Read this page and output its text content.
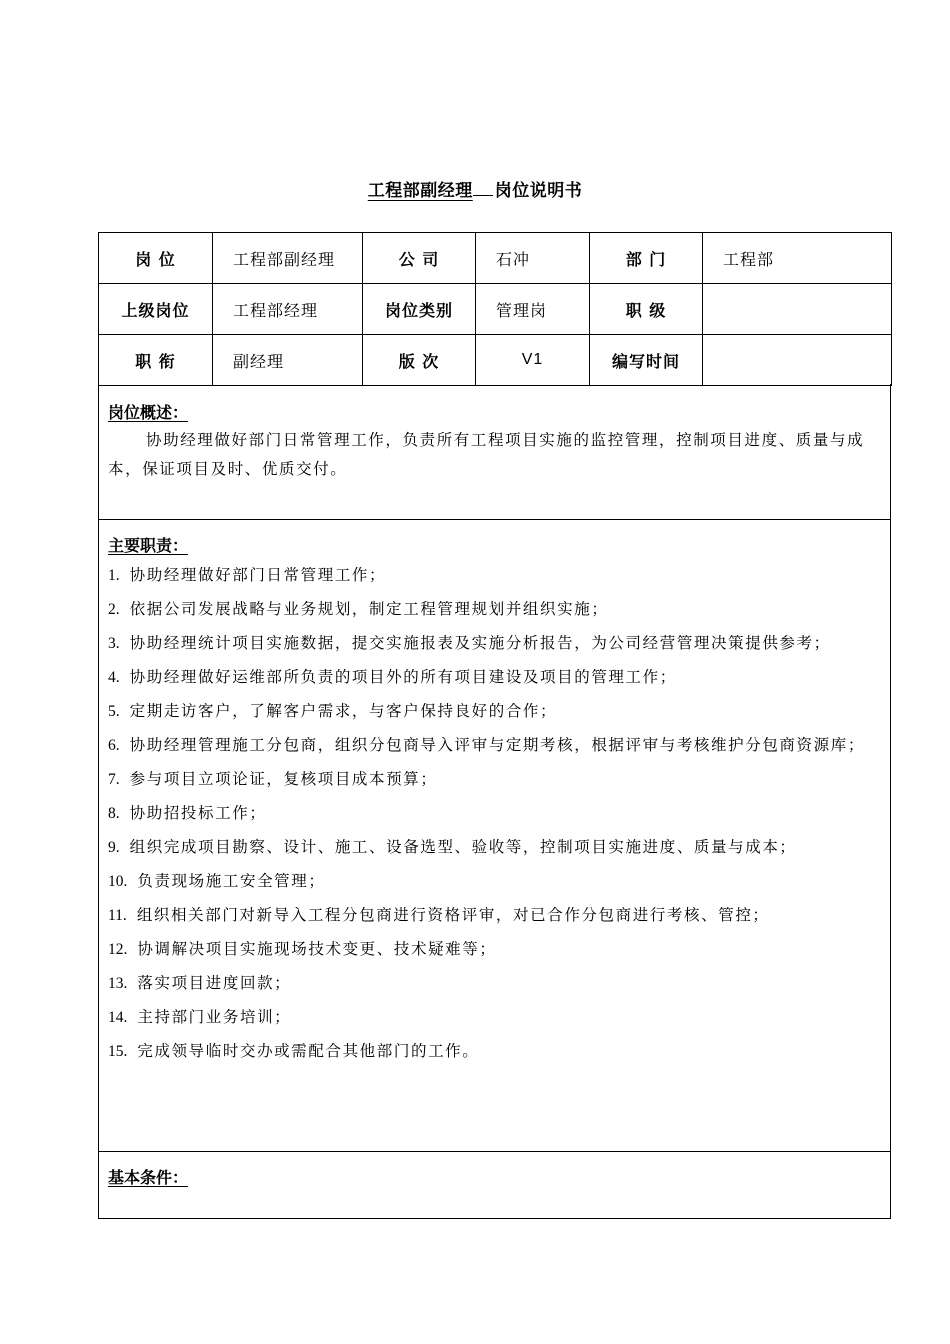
工程部副经理 岗位说明书
岗 位	工程部副经理	公 司	石冲	部 门	工程部
上级岗位	工程部经理	岗位类别	管理岗	职 级	
职 衔	副经理	版 次	V1	编写时间	

岗位概述：

协助经理做好部门日常管理工作，负责所有工程项目实施的监控管理，控制项目进度、质量与成本，保证项目及时、优质交付。

主要职责：

1. 协助经理做好部门日常管理工作；
2. 依据公司发展战略与业务规划，制定工程管理规划并组织实施；
3. 协助经理统计项目实施数据，提交实施报表及实施分析报告，为公司经营管理决策提供参考；
4. 协助经理做好运维部所负责的项目外的所有项目建设及项目的管理工作；
5. 定期走访客户，了解客户需求，与客户保持良好的合作；
6. 协助经理管理施工分包商，组织分包商导入评审与定期考核，根据评审与考核维护分包商资源库；
7. 参与项目立项论证，复核项目成本预算；
8. 协助招投标工作；
9. 组织完成项目勘察、设计、施工、设备选型、验收等，控制项目实施进度、质量与成本；
10. 负责现场施工安全管理；
11. 组织相关部门对新导入工程分包商进行资格评审，对已合作分包商进行考核、管控；
12. 协调解决项目实施现场技术变更、技术疑难等；
13. 落实项目进度回款；
14. 主持部门业务培训；
15. 完成领导临时交办或需配合其他部门的工作。

基本条件：
